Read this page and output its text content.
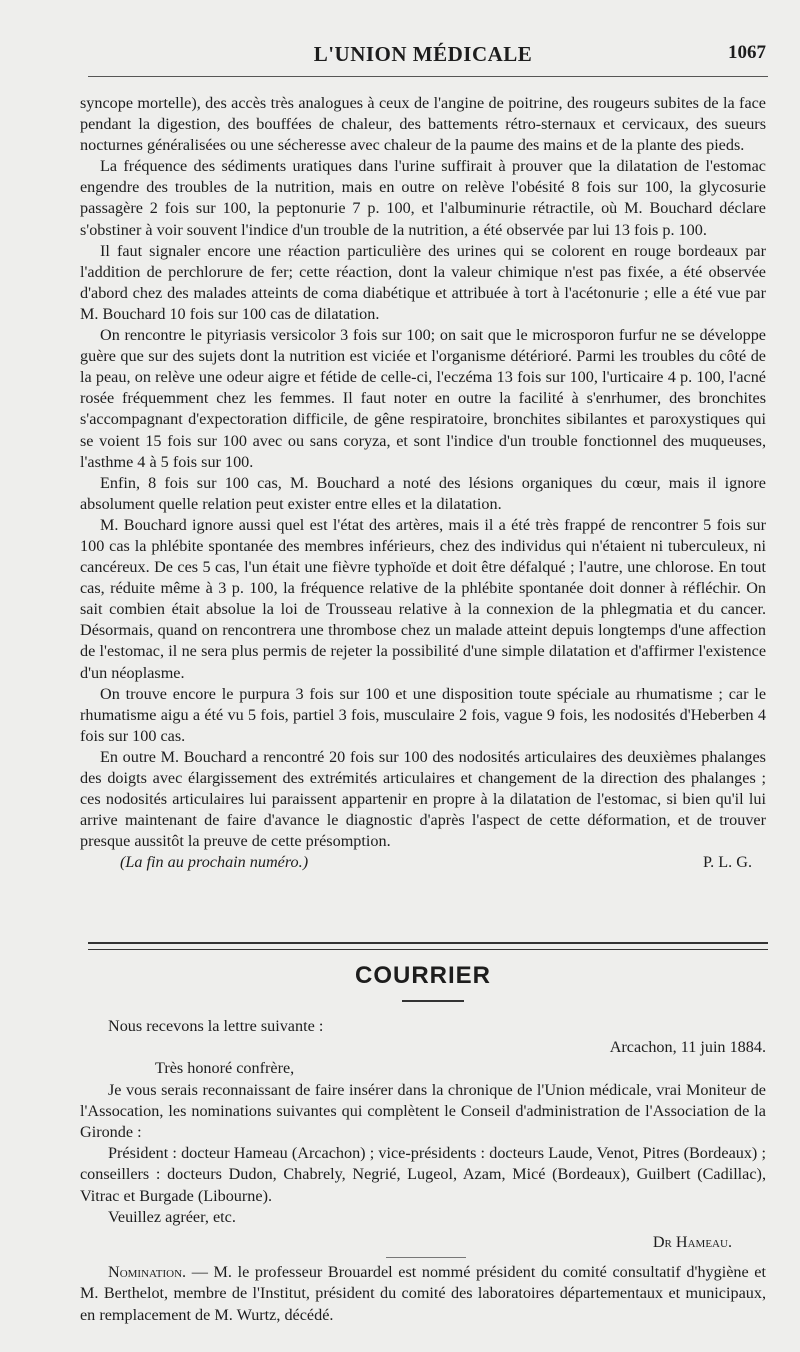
L'UNION MÉDICALE	1067

syncope mortelle), des accès très analogues à ceux de l'angine de poitrine, des rougeurs subites de la face pendant la digestion, des bouffées de chaleur, des battements rétro-sternaux et cervicaux, des sueurs nocturnes généralisées ou une sécheresse avec chaleur de la paume des mains et de la plante des pieds.

La fréquence des sédiments uratiques dans l'urine suffirait à prouver que la dilatation de l'estomac engendre des troubles de la nutrition, mais en outre on relève l'obésité 8 fois sur 100, la glycosurie passagère 2 fois sur 100, la peptonurie 7 p. 100, et l'albuminurie rétractile, où M. Bouchard déclare s'obstiner à voir souvent l'indice d'un trouble de la nutrition, a été observée par lui 13 fois p. 100.

Il faut signaler encore une réaction particulière des urines qui se colorent en rouge bordeaux par l'addition de perchlorure de fer; cette réaction, dont la valeur chimique n'est pas fixée, a été observée d'abord chez des malades atteints de coma diabétique et attribuée à tort à l'acétonurie ; elle a été vue par M. Bouchard 10 fois sur 100 cas de dilatation.

On rencontre le pityriasis versicolor 3 fois sur 100; on sait que le microsporon furfur ne se développe guère que sur des sujets dont la nutrition est viciée et l'organisme détérioré. Parmi les troubles du côté de la peau, on relève une odeur aigre et fétide de celle-ci, l'eczéma 13 fois sur 100, l'urticaire 4 p. 100, l'acné rosée fréquemment chez les femmes. Il faut noter en outre la facilité à s'enrhumer, des bronchites s'accompagnant d'expectoration difficile, de gêne respiratoire, bronchites sibilantes et paroxystiques qui se voient 15 fois sur 100 avec ou sans coryza, et sont l'indice d'un trouble fonctionnel des muqueuses, l'asthme 4 à 5 fois sur 100.

Enfin, 8 fois sur 100 cas, M. Bouchard a noté des lésions organiques du cœur, mais il ignore absolument quelle relation peut exister entre elles et la dilatation.

M. Bouchard ignore aussi quel est l'état des artères, mais il a été très frappé de rencontrer 5 fois sur 100 cas la phlébite spontanée des membres inférieurs, chez des individus qui n'étaient ni tuberculeux, ni cancéreux. De ces 5 cas, l'un était une fièvre typhoïde et doit être défalqué ; l'autre, une chlorose. En tout cas, réduite même à 3 p. 100, la fréquence relative de la phlébite spontanée doit donner à réfléchir. On sait combien était absolue la loi de Trousseau relative à la connexion de la phlegmatia et du cancer. Désormais, quand on rencontrera une thrombose chez un malade atteint depuis longtemps d'une affection de l'estomac, il ne sera plus permis de rejeter la possibilité d'une simple dilatation et d'affirmer l'existence d'un néoplasme.

On trouve encore le purpura 3 fois sur 100 et une disposition toute spéciale au rhumatisme ; car le rhumatisme aigu a été vu 5 fois, partiel 3 fois, musculaire 2 fois, vague 9 fois, les nodosités d'Heberben 4 fois sur 100 cas.

En outre M. Bouchard a rencontré 20 fois sur 100 des nodosités articulaires des deuxièmes phalanges des doigts avec élargissement des extrémités articulaires et changement de la direction des phalanges ; ces nodosités articulaires lui paraissent appartenir en propre à la dilatation de l'estomac, si bien qu'il lui arrive maintenant de faire d'avance le diagnostic d'après l'aspect de cette déformation, et de trouver presque aussitôt la preuve de cette présomption.

(La fin au prochain numéro.)	P. L. G.
COURRIER

Nous recevons la lettre suivante :

Arcachon, 11 juin 1884.

Très honoré confrère,

Je vous serais reconnaissant de faire insérer dans la chronique de l'Union médicale, vrai Moniteur de l'Assocation, les nominations suivantes qui complètent le Conseil d'administration de l'Association de la Gironde :

Président : docteur Hameau (Arcachon) ; vice-présidents : docteurs Laude, Venot, Pitres (Bordeaux) ; conseillers : docteurs Dudon, Chabrely, Negrié, Lugeol, Azam, Micé (Bordeaux), Guilbert (Cadillac), Vitrac et Burgade (Libourne).

Veuillez agréer, etc.

Dr Hameau.

Nomination. — M. le professeur Brouardel est nommé président du comité consultatif d'hygiène et M. Berthelot, membre de l'Institut, président du comité des laboratoires départementaux et municipaux, en remplacement de M. Wurtz, décédé.
